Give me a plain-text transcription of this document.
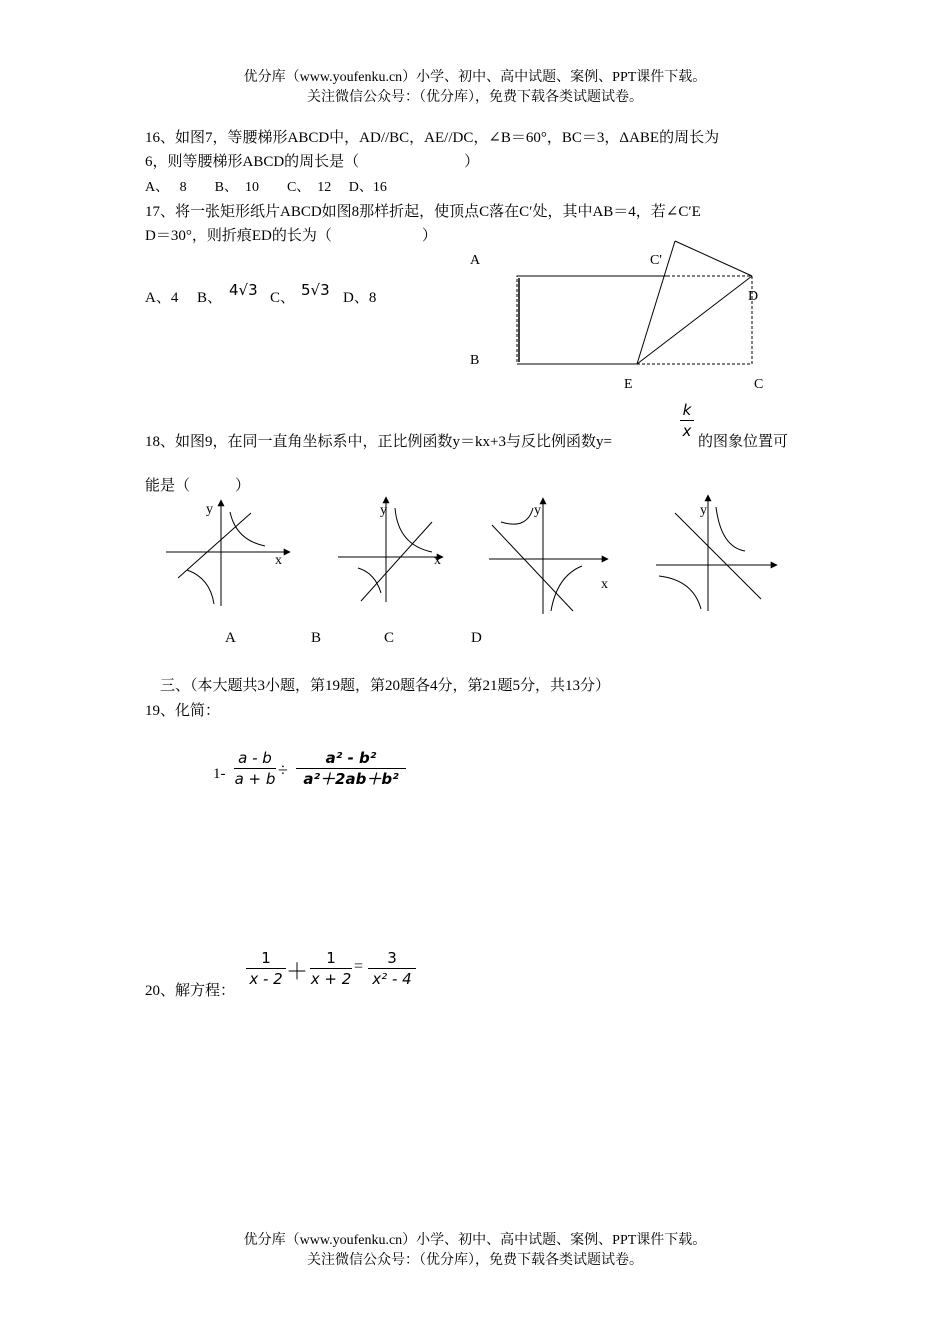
优分库（www.youfenku.cn）小学、初中、高中试题、案例、PPT课件下载。
关注微信公众号：（优分库），免费下载各类试题试卷。
16、如图7，等腰梯形ABCD中，AD//BC，AE//DC，∠B＝60°，BC＝3，ΔABE的周长为
6，则等腰梯形ABCD的周长是（　　　　　　　）
A、　 8　　B、　10　　C、　12　 D、16
17、将一张矩形纸片ABCD如图8那样折起，使顶点C落在C′处，其中AB＝4，若∠C′E
D＝30°，则折痕ED的长为（　　　　　　）
A、4 B、 4√3 C、 5√3 D、8
A	C'
D
B
E	C
18、如图9，在同一直角坐标系中，正比例函数y＝kx+3与反比例函数y=
k
x
的图象位置可
能是（　　　）
y
x
y
x
y
x
y
A	B	C	D
三、（本大题共3小题，第19题，第20题各4分，第21题5分，共13分）
19、化简：
1-
a - b
a + b ÷
a² - b²
a²＋2ab＋b²
20、解方程：
1
x - 2 ＋
1
x + 2
=	3
x² - 4
优分库（www.youfenku.cn）小学、初中、高中试题、案例、PPT课件下载。
关注微信公众号：（优分库），免费下载各类试题试卷。
